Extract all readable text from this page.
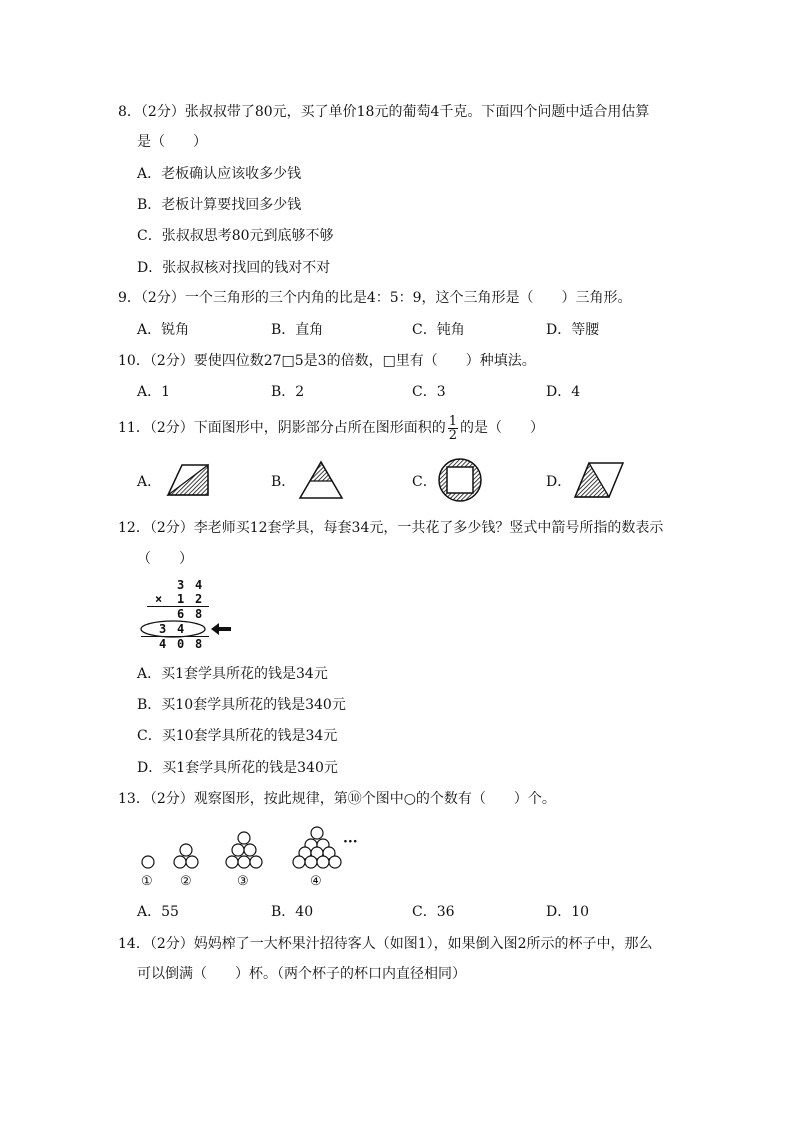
8．（2分）张叔叔带了80元，买了单价18元的葡萄4千克。下面四个问题中适合用估算
是（　　）
A．老板确认应该收多少钱
B．老板计算要找回多少钱
C．张叔叔思考80元到底够不够
D．张叔叔核对找回的钱对不对
9．（2分）一个三角形的三个内角的比是4：5：9，这个三角形是（　　）三角形。
A．锐角	B．直角	C．钝角	D．等腰
10．（2分）要使四位数27□5是3的倍数，□里有（　　）种填法。
A．1	B．2	C．3	D．4
11．（2分）下面图形中，阴影部分占所在图形面积的 $\frac{1}{2}$ 的是（　　）
A．	B．	C．	D．
12．（2分）李老师买12套学具，每套34元，一共花了多少钱？竖式中箭号所指的数表示
（　　）
3 4
× 1 2
6 8
3 4
4 0 8
A．买1套学具所花的钱是34元
B．买10套学具所花的钱是340元
C．买10套学具所花的钱是34元
D．买1套学具所花的钱是340元
13．（2分）观察图形，按此规律，第⑩个图中○的个数有（　　）个。
···
① ②	③	④
A．55	B．40	C．36	D．10
14．（2分）妈妈榨了一大杯果汁招待客人（如图1），如果倒入图2所示的杯子中，那么
可以倒满（　　）杯。（两个杯子的杯口内直径相同）
